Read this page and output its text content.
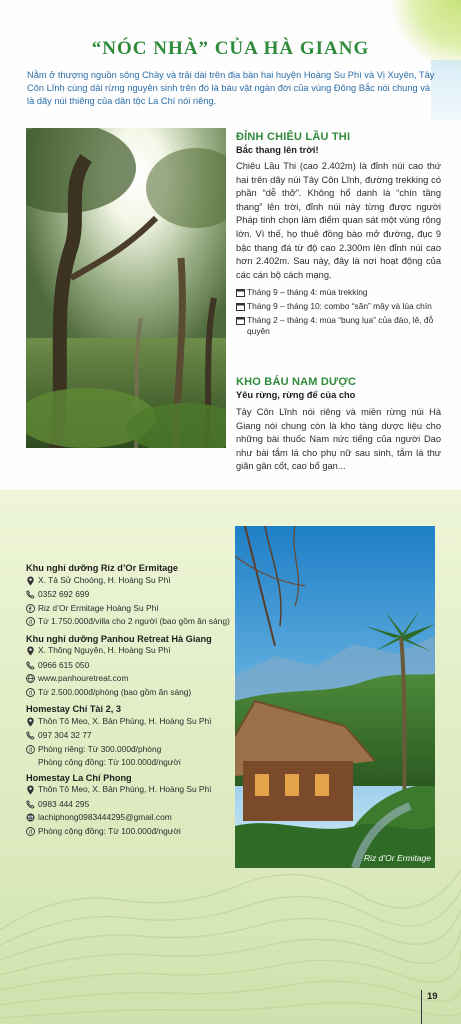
“NÓC NHÀ” CỦA HÀ GIANG

Nằm ở thượng nguồn sông Chảy và trải dài trên địa bàn hai huyện Hoàng Su Phì và Vị Xuyên, Tây Côn Lĩnh cùng dải rừng nguyên sinh trên đó là báu vật ngàn đời của vùng Đông Bắc nói chung và là dãy núi thiêng của dân tộc La Chí nói riêng.

ĐỈNH CHIÊU LẦU THI

Bắc thang lên trời!

Chiêu Lầu Thi (cao 2.402m) là đỉnh núi cao thứ hai trên dãy núi Tây Côn Lĩnh, đường trekking có phần “dễ thở”. Không hổ danh là “chín tầng thang” lên trời, đỉnh núi này từng được người Pháp tinh chọn làm điểm quan sát một vùng rộng lớn. Vì thế, họ thuê đồng bào mở đường, đục 9 bậc thang đá từ độ cao 2.300m lên đỉnh núi cao hơn 2.402m. Sau này, đây là nơi hoạt động của các cán bộ cách mạng.

Tháng 9 – tháng 4: mùa trekking
Tháng 9 – tháng 10: combo “săn” mây và lúa chín
Tháng 2 – tháng 4: mùa “bung lụa” của đào, lê, đỗ quyên
KHO BÁU NAM DƯỢC

Yêu rừng, rừng để của cho

Tây Côn Lĩnh nói riêng và miền rừng núi Hà Giang nói chung còn là kho tàng dược liệu cho những bài thuốc Nam nức tiếng của người Dao như bài tắm lá cho phụ nữ sau sinh, tắm lá thư giãn gân cốt, cao bổ gan...

Khu nghỉ dưỡng Riz d’Or Ermitage

X. Tả Sử Choóng, H. Hoàng Su Phì
0352 692 699
Riz d’Or Ermitage Hoàng Su Phì
đ Từ 1.750.000đ/villa cho 2 người (bao gồm ăn sáng)

Khu nghỉ dưỡng Panhou Retreat Hà Giang

X. Thông Nguyên, H. Hoàng Su Phì
0966 615 050
www.panhouretreat.com
đ Từ 2.500.000đ/phòng (bao gồm ăn sáng)

Homestay Chí Tài 2, 3

Thôn Tô Meo, X. Bản Phùng, H. Hoàng Su Phì
097 304 32 77
đ Phòng riêng: Từ 300.000đ/phòng
Phòng cộng đồng: Từ 100.000đ/người

Homestay La Chí Phong

Thôn Tô Meo, X. Bản Phùng, H. Hoàng Su Phì
0983 444 295
lachiphong0983444295@gmail.com
đ Phòng cộng đồng: Từ 100.000đ/người
Riz d’Or Ermitage
19
